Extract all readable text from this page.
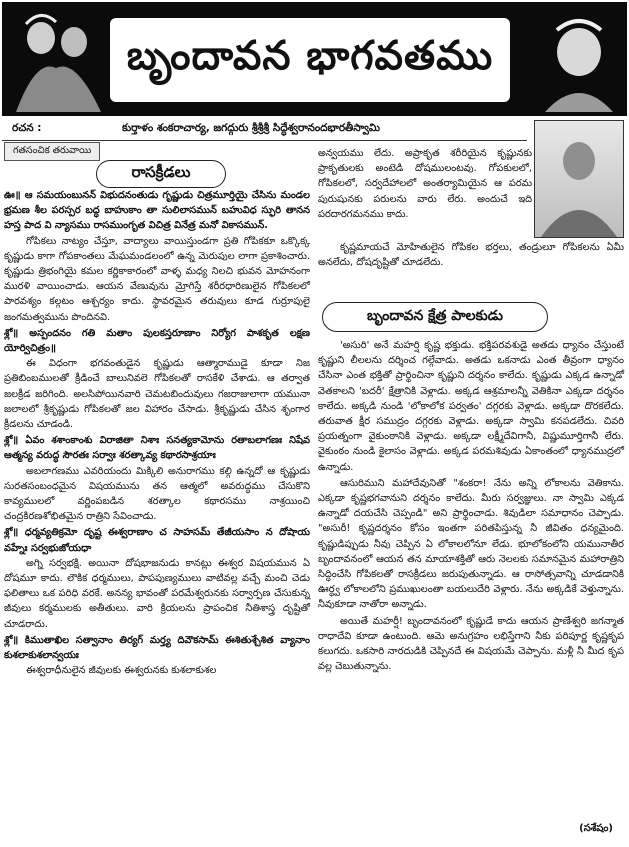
బృందావన భాగవతము
రచన :	కుర్తాళం శంకరాచార్య, జగద్గురు శ్రీశ్రీశ్రీ సిద్ధేశ్వరానందభారతీస్వామి
గతసంచిక తరువాయి
రాసక్రీడలు

ఊ॥ ఆ సమయంబునన్ విభుదనంతుడు గృష్ణుడు చిత్రమూర్తియై చేసిను మండల భ్రమణ శీల పరస్పర బద్ధ బాహుకాం తా సులిలాసమున్ బహువిధ స్ఫురి తానన హస్త పాద వి న్యాసము రాసముంగృత విచిత్ర వినేత్ర మనో వికాసమున్.

గోపికలు నాట్యం చేస్తూ, వాద్యాలు వాయిస్తుండగా ప్రతి గోపికకూ ఒక్కొక్క కృష్ణుడు కాగా గోపకాంతలు మేఘమండలంలో ఉన్న మెరుపుల లాగా ప్రకాశించారు. కృష్ణుడు త్రిభంగియై కమల కర్ణికాకారంలో వాళ్ళ మధ్య నిలచి భువన మోహనంగా మురళి వాయించాడు. ఆయన వేణువును మ్రోగిస్తే శరీరధారిణులైన గోపికలలో పారవశ్యం కల్గటం ఆశ్చర్యం కాదు. స్థావరమైన తరువులు కూడ గుర్రూపులై జంగమత్వమును పొందినవి.

శ్లో॥ అస్పందనం గతి మతాం పులకస్తరూణాం నిర్యోగ పాశకృత లక్షణ యోర్విచిత్రం॥

ఈ విధంగా భగవంతుడైన కృష్ణుడు ఆత్మారాముడై కూడా నిజ ప్రతిబింబములతో క్రీడించే బాలునివలె గోపికలతో రాసకేళి చేశాడు. ఆ తర్వాత జలక్రీడ జరిగింది. అలసిపోయినవారి చెమటబిందువులు గజరాజులాగా యమునా జలాలలో శ్రీకృష్ణుడు గోపికలతో జల విహారం చేసాడు. శ్రీకృష్ణుడు చేసిన శృంగార క్రీడలను చూడండి.

శ్లో॥ ఏవం శశాంకాంశు విరాజితా నిశాః సనత్యకామోను రతాబలాగణః నిషేవ ఆత్మన్య వరుద్ధ సౌరతః సర్వాః శరత్కావ్య కథారసాశ్రయాః

అబలాగణము ఎవరియందు మిక్కిలి అనురాగము కల్గి ఉన్నదో ఆ కృష్ణుడు సురతసంబంధమైన విషయమును తన ఆత్మలో అవరుద్ధము చేసుకొని కావ్యములలో వర్ణింపబడిన శరత్కాల కథారసము నాశ్రయించి చంద్రకిరణశోభితమైన రాత్రిని సేవించాడు.

శ్లో॥ ధర్మవ్యతిక్రమో దృష్ట ఈశ్వరాణాం చ సాహసమ్ తేజీయసాం న దోషాయ వహ్నేః సర్వభుజోయధా

అగ్ని సర్వభక్షి. అయినా దోషభాజనుడు కానట్లు ఈశ్వర విషయమున ఏ దోషమూ కాదు. లౌకిక ధర్మములు, పాపపుణ్యములు వాటివల్ల వచ్చే మంచి చెడు ఫలితాలు ఒక పరిధి వరకే. అనన్య భావంతో పరమేశ్వరునకు సర్వార్పణ చేసుకున్న జీవులు కర్మములకు అతీతులు. వారి క్రియలను ప్రాపంచిక నీతిశాస్త్ర దృష్టితో చూడరాదు.

శ్లో॥ కిముతాఖిల సత్వానాం తిర్యగ్ మర్త్య దివౌకసామ్ ఈశితుశ్చేశిత వ్యానాం కుశలాకుశలాన్వయః

ఈశ్వరాధీనులైన జీవులకు ఈశ్వరునకు కుశలాకుశల

అన్వయము లేదు. అప్రాకృత శరీరియైన కృష్ణునకు ప్రాకృతులకు అంటెడి దోషములంటవు. గోపకులలో, గోపికలలో, సర్వదేహాలలో అంతర్యామియైన ఆ పరమ పురుషునకు పరులను వారు లేరు. అందుచే ఇది పరదారగమనము కాదు.

కృష్ణమాయచే మోహితులైన గోపికల భర్తలు, తండ్రులూ గోపికలను ఏమీ అనలేదు, దోషదృష్టితో చూడలేదు.

బృందావన క్షేత్ర పాలకుడు

'అసురి' అనే మహర్షి కృష్ణ భక్తుడు. భక్తిపరవశుడై అతడు ధ్యానం చేస్తుంటే కృష్ణుని లీలలను దర్శించ గల్గేవాడు. అతడు ఒకనాడు ఎంత తీవ్రంగా ధ్యానం చేసినా ఎంత భక్తితో ప్రార్థించినా కృష్ణుని దర్శనం కాలేదు. కృష్ణుడు ఎక్కడ ఉన్నాడో వెతకాలని 'బదరీ' క్షేత్రానికి వెళ్లాడు. అక్కడ ఆశ్రమాలన్నీ వెతికినా ఎక్కడా దర్శనం కాలేదు. అక్కడి నుండి 'లోకాలోక పర్వతం' దగ్గరకు వెళ్లాడు. అక్కడా దొరకలేదు. తరువాత క్షీర సముద్రం దగ్గరకు వెళ్లాడు. అక్కడా స్వామి కనపడలేదు. చివరి ప్రయత్నంగా వైకుంఠానికి వెళ్లాడు. అక్కడా లక్ష్మీదేవిగానీ, విష్ణుమూర్తిగానీ లేరు. వైకుంఠం నుండి కైలాసం వెళ్లాడు. అక్కడ పరమశివుడు ఏకాంతంలో ధ్యానముద్రలో ఉన్నాడు.

ఆసురిముని మహాదేవునితో "శంకరా! నేను అన్ని లోకాలను వెతికాను. ఎక్కడా కృష్ణభగవానుని దర్శనం కాలేదు. మీరు సర్వజ్ఞులు. నా స్వామి ఎక్కడ ఉన్నాడో దయచేసి చెప్పండి" అని ప్రార్థించాడు. శివుడిలా సమాధానం చెప్పాడు. "అసురీ! కృష్ణదర్శనం కోసం ఇంతగా పరితపిస్తున్న నీ జీవితం ధన్యమైంది. కృష్ణుడిప్పుడు నీవు చెప్పిన ఏ లోకాలలోనూ లేడు. భూలోకంలోని యమునాతీర బృందావనంలో ఆయన తన మాయాశక్తితో ఆరు నెలలకు సమానమైన మహారాత్రిని సిద్ధించేసి గోపికలతో రాసక్రీడలు జరుపుతున్నాడు. ఆ రాసోత్సవాన్ని చూడడానికి ఊర్ధ్వ లోకాలలోని ప్రముఖులంతా బయలుదేరి వెళ్లారు. నేను అక్కడికే వెళ్తున్నాను. నీవుకూడా నాతోరా అన్నాడు.

అయితే మహర్షీ! బృందావనంలో కృష్ణుడే కాదు ఆయన ప్రాణేశ్వరి జగన్మాత రాధాదేవి కూడా ఉంటుంది. ఆమె అనుగ్రహం లభిస్తేగాని నీకు పరిపూర్ణ కృష్ణకృప కలుగదు. ఒకసారి నారదుడికి చెప్పినదే ఈ విషయమే చెప్పాను. మళ్లీ నీ మీద కృప వల్ల చెబుతున్నాను.

(సశేషం)
